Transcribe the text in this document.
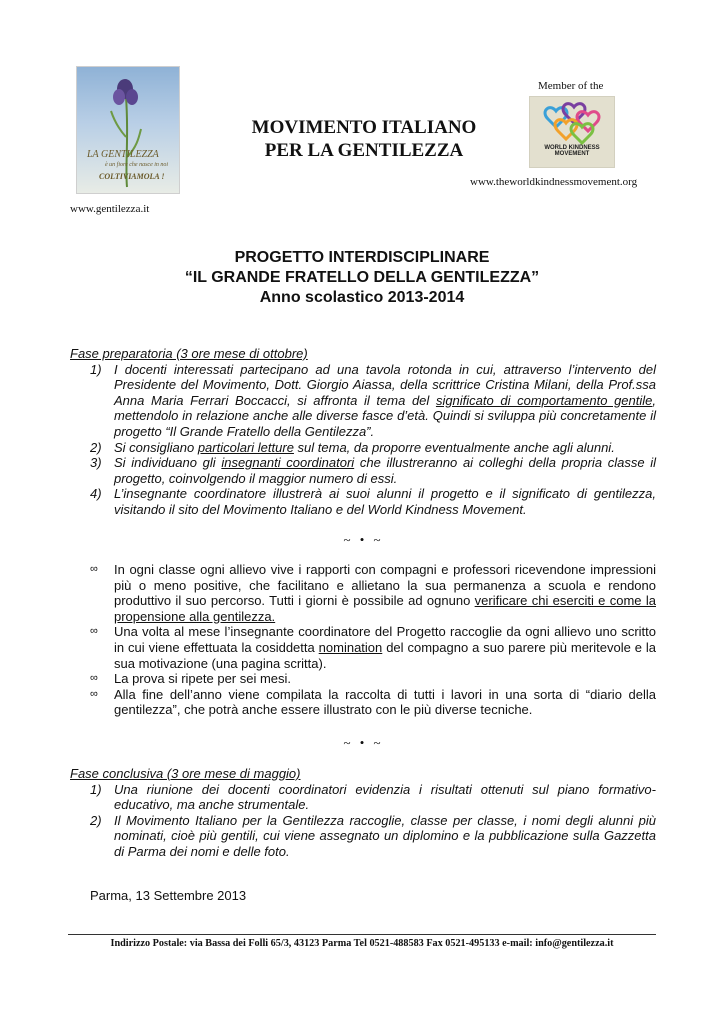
LA GENTILEZZA
è un fiore che nasce in noi
COLTIVIAMOLA !
www.gentilezza.it
MOVIMENTO ITALIANO
PER LA GENTILEZZA
Member of the
WORLD KINDNESS MOVEMENT
www.theworldkindnessmovement.org
PROGETTO INTERDISCIPLINARE
“IL GRANDE FRATELLO DELLA GENTILEZZA”
Anno scolastico 2013-2014
Fase preparatoria (3 ore mese di ottobre)
1) I docenti interessati partecipano ad una tavola rotonda in cui, attraverso l’intervento del Presidente del Movimento, Dott. Giorgio Aiassa, della scrittrice Cristina Milani, della Prof.ssa Anna Maria Ferrari Boccacci, si affronta il tema del significato di comportamento gentile, mettendolo in relazione anche alle diverse fasce d’età. Quindi si sviluppa più concretamente il progetto “Il Grande Fratello della Gentilezza”.
2) Si consigliano particolari letture sul tema, da proporre eventualmente anche agli alunni.
3) Si individuano gli insegnanti coordinatori che illustreranno ai colleghi della propria classe il progetto, coinvolgendo il maggior numero di essi.
4) L’insegnante coordinatore illustrerà ai suoi alunni il progetto e il significato di gentilezza, visitando il sito del Movimento Italiano e del World Kindness Movement.
~ • ~
∞ In ogni classe ogni allievo vive i rapporti con compagni e professori ricevendone impressioni più o meno positive, che facilitano e allietano la sua permanenza a scuola e rendono produttivo il suo percorso. Tutti i giorni è possibile ad ognuno verificare chi eserciti e come la propensione alla gentilezza.
∞ Una volta al mese l’insegnante coordinatore del Progetto raccoglie da ogni allievo uno scritto in cui viene effettuata la cosiddetta nomination del compagno a suo parere più meritevole e la sua motivazione (una pagina scritta).
∞ La prova si ripete per sei mesi.
∞ Alla fine dell’anno viene compilata la raccolta di tutti i lavori in una sorta di “diario della gentilezza”, che potrà anche essere illustrato con le più diverse tecniche.
~ • ~
Fase conclusiva (3 ore mese di maggio)
1) Una riunione dei docenti coordinatori evidenzia i risultati ottenuti sul piano formativo-educativo, ma anche strumentale.
2) Il Movimento Italiano per la Gentilezza raccoglie, classe per classe, i nomi degli alunni più nominati, cioè più gentili, cui viene assegnato un diplomino e la pubblicazione sulla Gazzetta di Parma dei nomi e delle foto.
Parma, 13 Settembre 2013
Indirizzo Postale: via Bassa dei Folli 65/3, 43123 Parma Tel 0521-488583 Fax 0521-495133 e-mail: info@gentilezza.it
